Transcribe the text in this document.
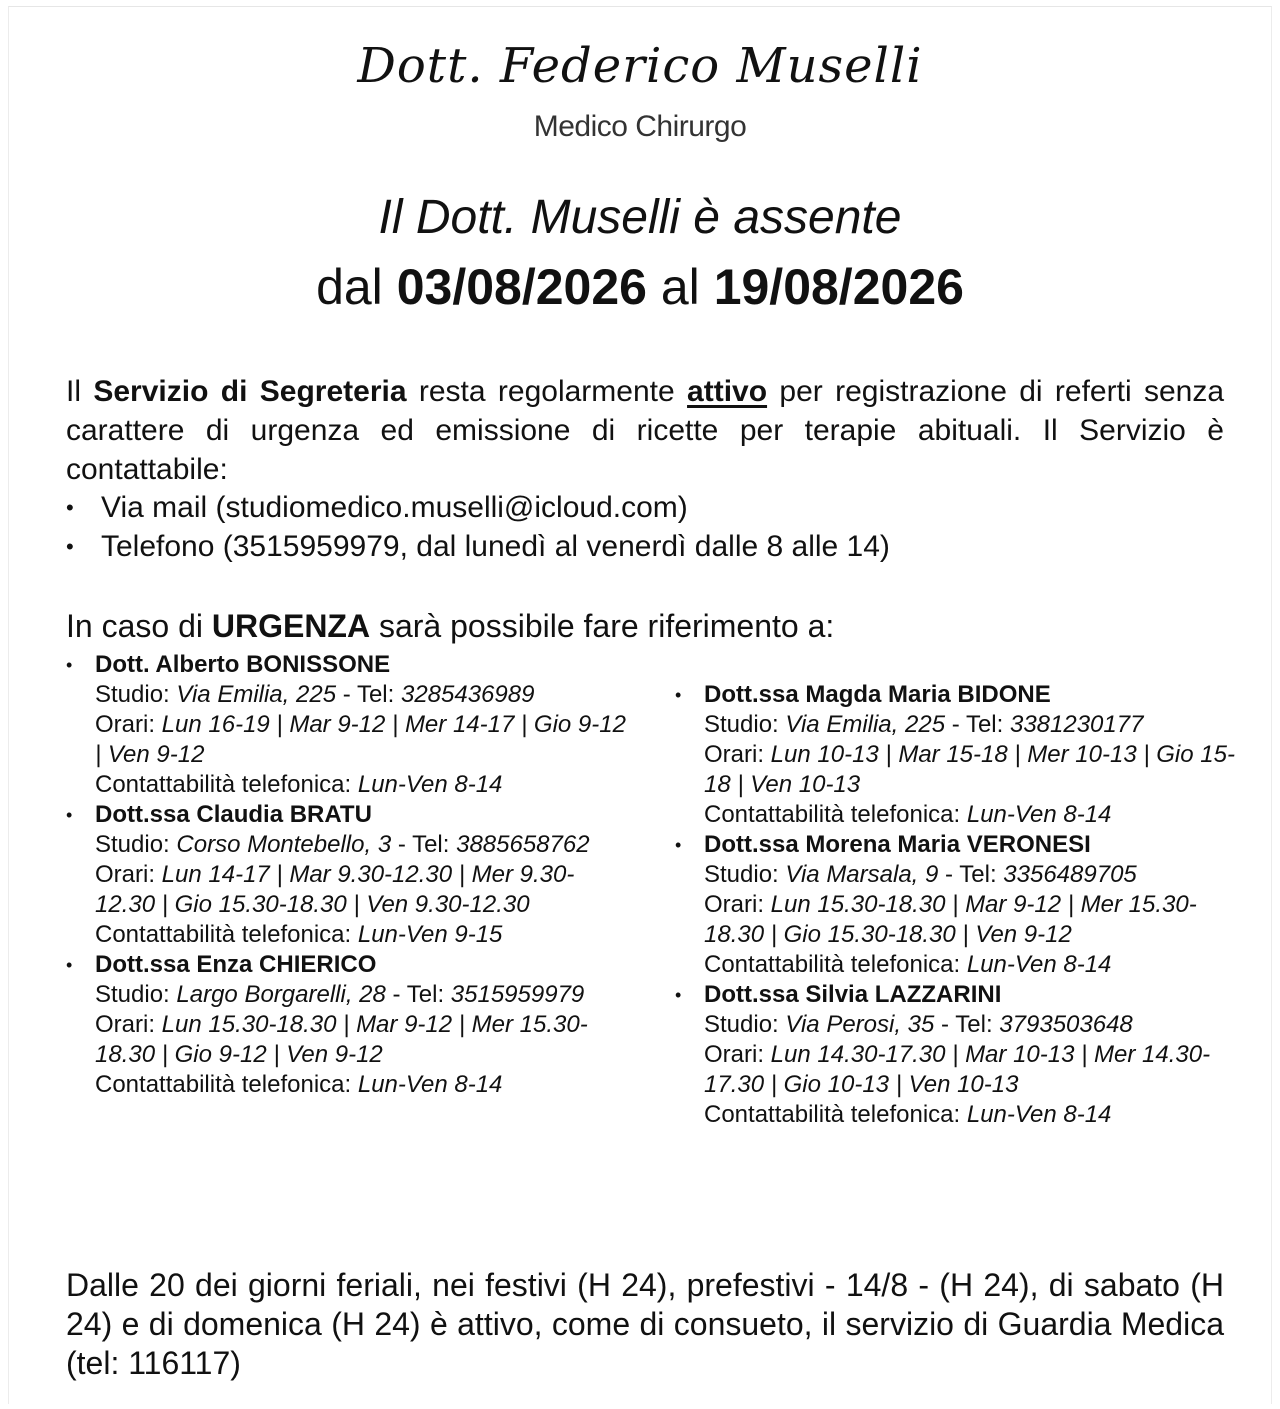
Dott. Federico Muselli
Medico Chirurgo
Il Dott. Muselli è assente
dal 03/08/2026 al 19/08/2026
Il Servizio di Segreteria resta regolarmente attivo per registrazione di referti senza carattere di urgenza ed emissione di ricette per terapie abituali. Il Servizio è contattabile:
• Via mail (studiomedico.muselli@icloud.com)
• Telefono (3515959979, dal lunedì al venerdì dalle 8 alle 14)
In caso di URGENZA sarà possibile fare riferimento a:
• Dott. Alberto BONISSONE
Studio: Via Emilia, 225 - Tel: 3285436989
Orari: Lun 16-19 | Mar 9-12 | Mer 14-17 | Gio 9-12 | Ven 9-12
Contattabilità telefonica: Lun-Ven 8-14
• Dott.ssa Claudia BRATU
Studio: Corso Montebello, 3 - Tel: 3885658762
Orari: Lun 14-17 | Mar 9.30-12.30 | Mer 9.30-12.30 | Gio 15.30-18.30 | Ven 9.30-12.30
Contattabilità telefonica: Lun-Ven 9-15
• Dott.ssa Enza CHIERICO
Studio: Largo Borgarelli, 28 - Tel: 3515959979
Orari: Lun 15.30-18.30 | Mar 9-12 | Mer 15.30-18.30 | Gio 9-12 | Ven 9-12
Contattabilità telefonica: Lun-Ven 8-14
• Dott.ssa Magda Maria BIDONE
Studio: Via Emilia, 225 - Tel: 3381230177
Orari: Lun 10-13 | Mar 15-18 | Mer 10-13 | Gio 15-18 | Ven 10-13
Contattabilità telefonica: Lun-Ven 8-14
• Dott.ssa Morena Maria VERONESI
Studio: Via Marsala, 9 - Tel: 3356489705
Orari: Lun 15.30-18.30 | Mar 9-12 | Mer 15.30-18.30 | Gio 15.30-18.30 | Ven 9-12
Contattabilità telefonica: Lun-Ven 8-14
• Dott.ssa Silvia LAZZARINI
Studio: Via Perosi, 35 - Tel: 3793503648
Orari: Lun 14.30-17.30 | Mar 10-13 | Mer 14.30-17.30 | Gio 10-13 | Ven 10-13
Contattabilità telefonica: Lun-Ven 8-14
Dalle 20 dei giorni feriali, nei festivi (H 24), prefestivi - 14/8 - (H 24), di sabato (H 24) e di domenica (H 24) è attivo, come di consueto, il servizio di Guardia Medica (tel: 116117)
